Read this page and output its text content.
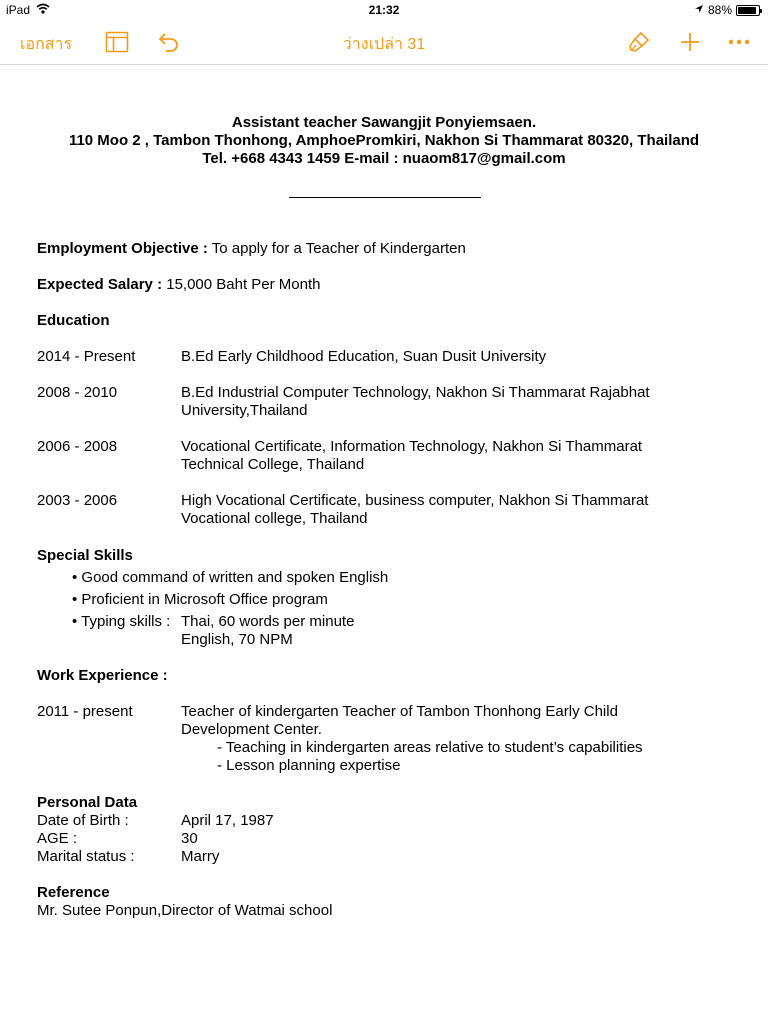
iPad	21:32	88%
เอกสาร	ว่างเปล่า 31
Assistant teacher Sawangjit Ponyiemsaen.
110 Moo 2 , Tambon Thonhong, AmphoePromkiri, Nakhon Si Thammarat 80320, Thailand
Tel. +668 4343 1459 E-mail : nuaom817@gmail.com
Employment Objective : To apply for a Teacher of Kindergarten
Expected Salary : 15,000 Baht Per Month
Education
2014 - Present	B.Ed Early Childhood Education, Suan Dusit University
2008 - 2010	B.Ed Industrial Computer Technology, Nakhon Si Thammarat Rajabhat
University,Thailand
2006 - 2008	Vocational Certificate, Information Technology, Nakhon Si Thammarat
Technical College, Thailand
2003 - 2006	High Vocational Certificate, business computer, Nakhon Si Thammarat
Vocational college, Thailand
Special Skills
• Good command of written and spoken English
• Proficient in Microsoft Office program
• Typing skills : Thai, 60 words per minute
English, 70 NPM
Work Experience :
2011 - present	Teacher of kindergarten Teacher of Tambon Thonhong Early Child
Development Center.
- Teaching in kindergarten areas relative to student’s capabilities
- Lesson planning expertise
Personal Data
Date of Birth :	April 17, 1987
AGE :	30
Marital status :	Marry
Reference
Mr. Sutee Ponpun,Director of Watmai school
